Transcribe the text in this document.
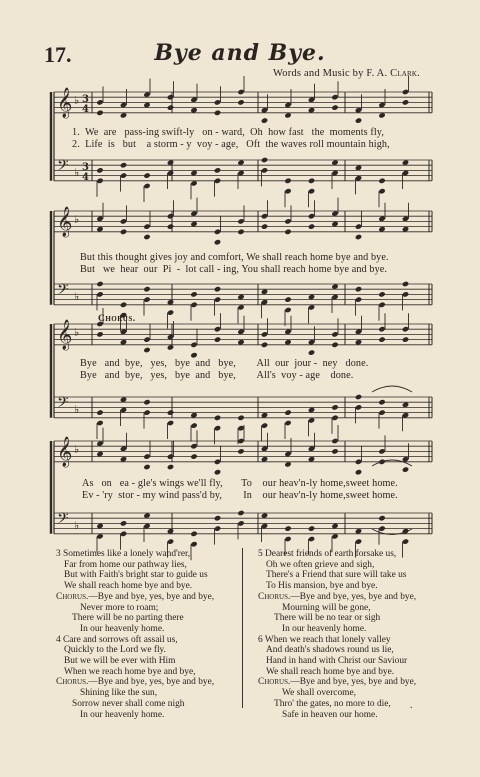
17.	Bye and Bye.
Words and Music by F. A. Clark.
𝄞 ♭ 3
4
𝄢 ♭ 3
4
𝄞 ♭
𝄢 ♭
𝄞 ♭
𝄢 ♭
𝄞 ♭
𝄢 ♭
1.  We  are   pass-ing swift-ly   on - ward,  Oh  how fast   the  moments fly,
2.  Life  is   but    a storm - y  voy - age,   Oft  the waves roll mountain high,
But this thought gives joy and comfort, We shall reach home bye and bye.
But   we  hear  our  Pi  -  lot call - ing, You shall reach home bye and bye.
Chorus.
Bye   and  bye,   yes,   bye  and   bye,        All  our  jour -  ney   done.
Bye   and  bye,   yes,   bye  and   bye,        All's  voy - age    done.
As   on   ea - gle's wings we'll fly,       To    our heav'n-ly home,sweet home.
Ev - 'ry  stor - my wind pass'd by,        In    our heav'n-ly home,sweet home.
3 Sometimes like a lonely wand'rer,
Far from home our pathway lies,
But with Faith's bright star to guide us
We shall reach home bye and bye.
Chorus.—Bye and bye, yes, bye and bye,
Never more to roam;
There will be no parting there
In our heavenly home.
4 Care and sorrows oft assail us,
Quickly to the Lord we fly.
But we will be ever with Him
When we reach home bye and bye,
Chorus.—Bye and bye, yes, bye and bye,
Shining like the sun,
Sorrow never shall come nigh
In our heavenly home.
5 Dearest friends of earth forsake us,
Oh we often grieve and sigh,
There's a Friend that sure will take us
To His mansion, bye and bye.
Chorus.—Bye and bye, yes, bye and bye,
Mourning will be gone,
There will be no tear or sigh
In our heavenly home.
6 When we reach that lonely valley
And death's shadows round us lie,
Hand in hand with Christ our Saviour
We shall reach home bye and bye.
Chorus.—Bye and bye, yes, bye and bye,
We shall overcome,
Thro' the gates, no more to die,
Safe in heaven our home.
.
